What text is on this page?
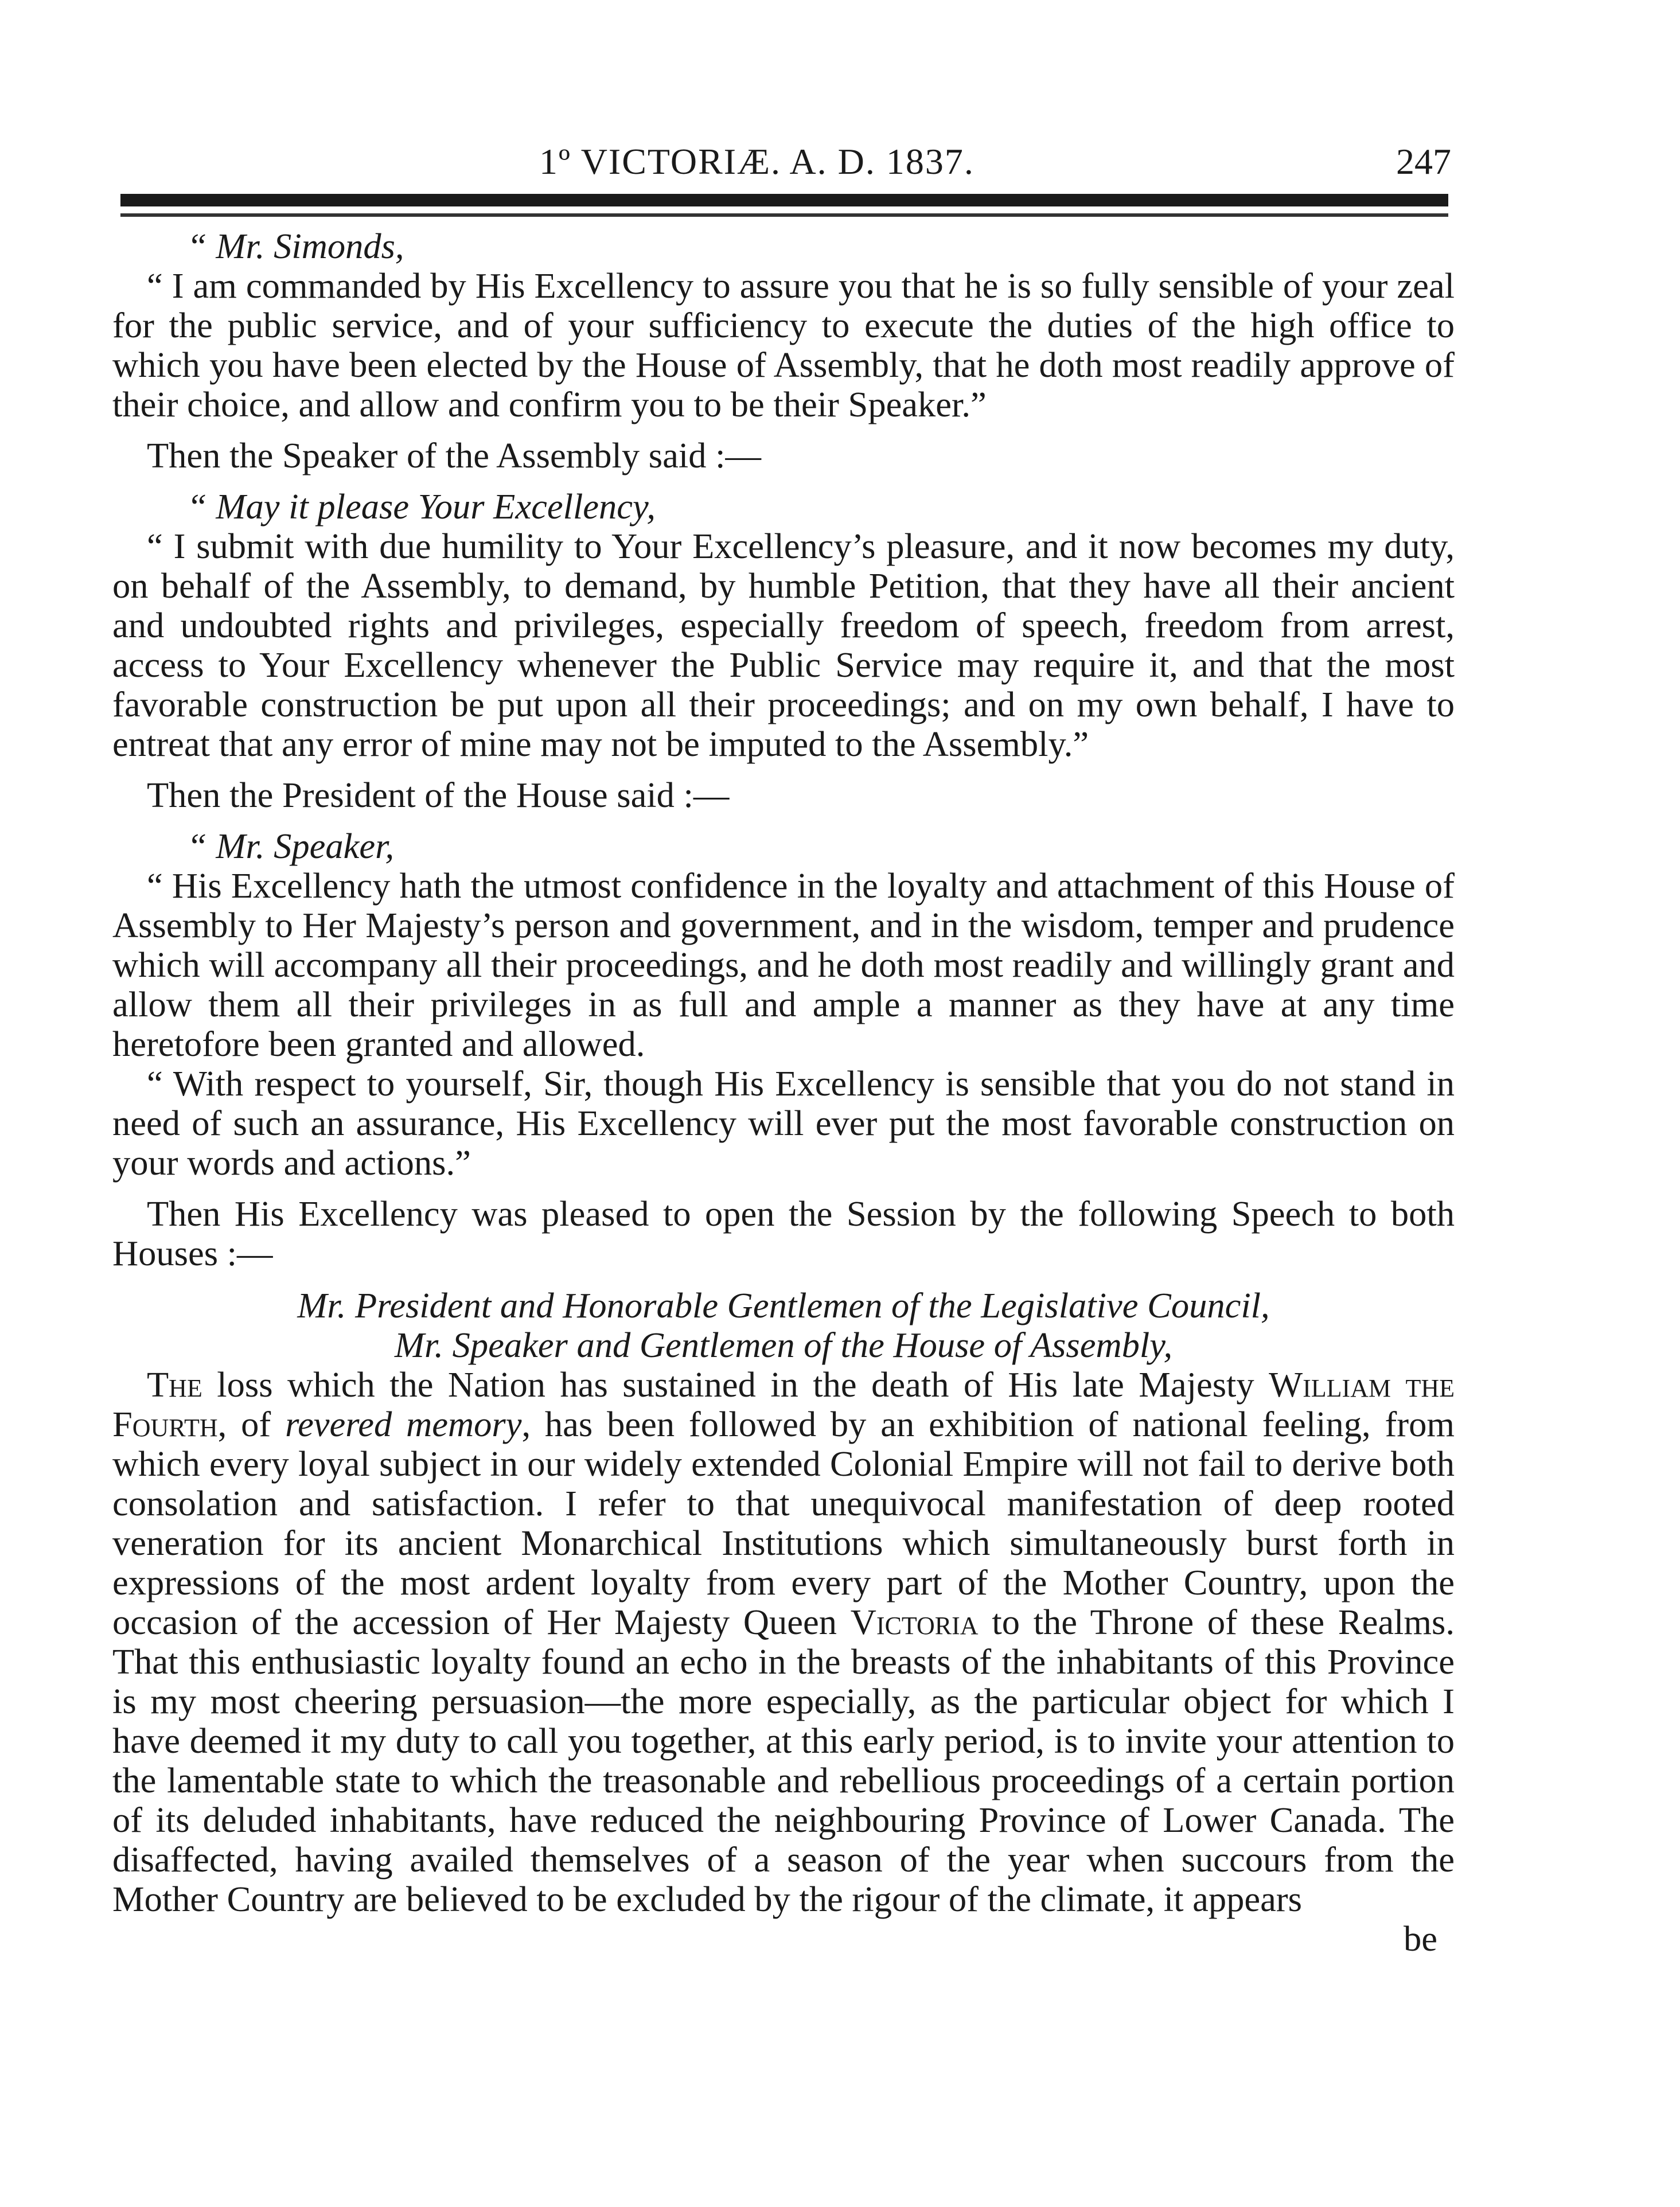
1º VICTORIÆ. A. D. 1837.	247

“ Mr. Simonds,

“ I am commanded by His Excellency to assure you that he is so fully sensible of your zeal for the public service, and of your sufficiency to execute the duties of the high office to which you have been elected by the House of Assembly, that he doth most readily approve of their choice, and allow and confirm you to be their Speaker.”

Then the Speaker of the Assembly said :—

“ May it please Your Excellency,

“ I submit with due humility to Your Excellency’s pleasure, and it now becomes my duty, on behalf of the Assembly, to demand, by humble Petition, that they have all their ancient and undoubted rights and privileges, especially freedom of speech, freedom from arrest, access to Your Excellency whenever the Public Service may require it, and that the most favorable construction be put upon all their proceedings; and on my own behalf, I have to entreat that any error of mine may not be imputed to the Assembly.”

Then the President of the House said :—

“ Mr. Speaker,

“ His Excellency hath the utmost confidence in the loyalty and attachment of this House of Assembly to Her Majesty’s person and government, and in the wisdom, temper and prudence which will accompany all their proceedings, and he doth most readily and willingly grant and allow them all their privileges in as full and ample a manner as they have at any time heretofore been granted and allowed.

“ With respect to yourself, Sir, though His Excellency is sensible that you do not stand in need of such an assurance, His Excellency will ever put the most favorable construction on your words and actions.”

Then His Excellency was pleased to open the Session by the following Speech to both Houses :—

Mr. President and Honorable Gentlemen of the Legislative Council,
Mr. Speaker and Gentlemen of the House of Assembly,

The loss which the Nation has sustained in the death of His late Majesty William the Fourth, of revered memory, has been followed by an exhibition of national feeling, from which every loyal subject in our widely extended Colonial Empire will not fail to derive both consolation and satisfaction. I refer to that unequivocal manifestation of deep rooted veneration for its ancient Monarchical Institutions which simultaneously burst forth in expressions of the most ardent loyalty from every part of the Mother Country, upon the occasion of the accession of Her Majesty Queen Victoria to the Throne of these Realms. That this enthusiastic loyalty found an echo in the breasts of the inhabitants of this Province is my most cheering persuasion—the more especially, as the particular object for which I have deemed it my duty to call you together, at this early period, is to invite your attention to the lamentable state to which the treasonable and rebellious proceedings of a certain portion of its deluded inhabitants, have reduced the neighbouring Province of Lower Canada. The disaffected, having availed themselves of a season of the year when succours from the Mother Country are believed to be excluded by the rigour of the climate, it appears

be
